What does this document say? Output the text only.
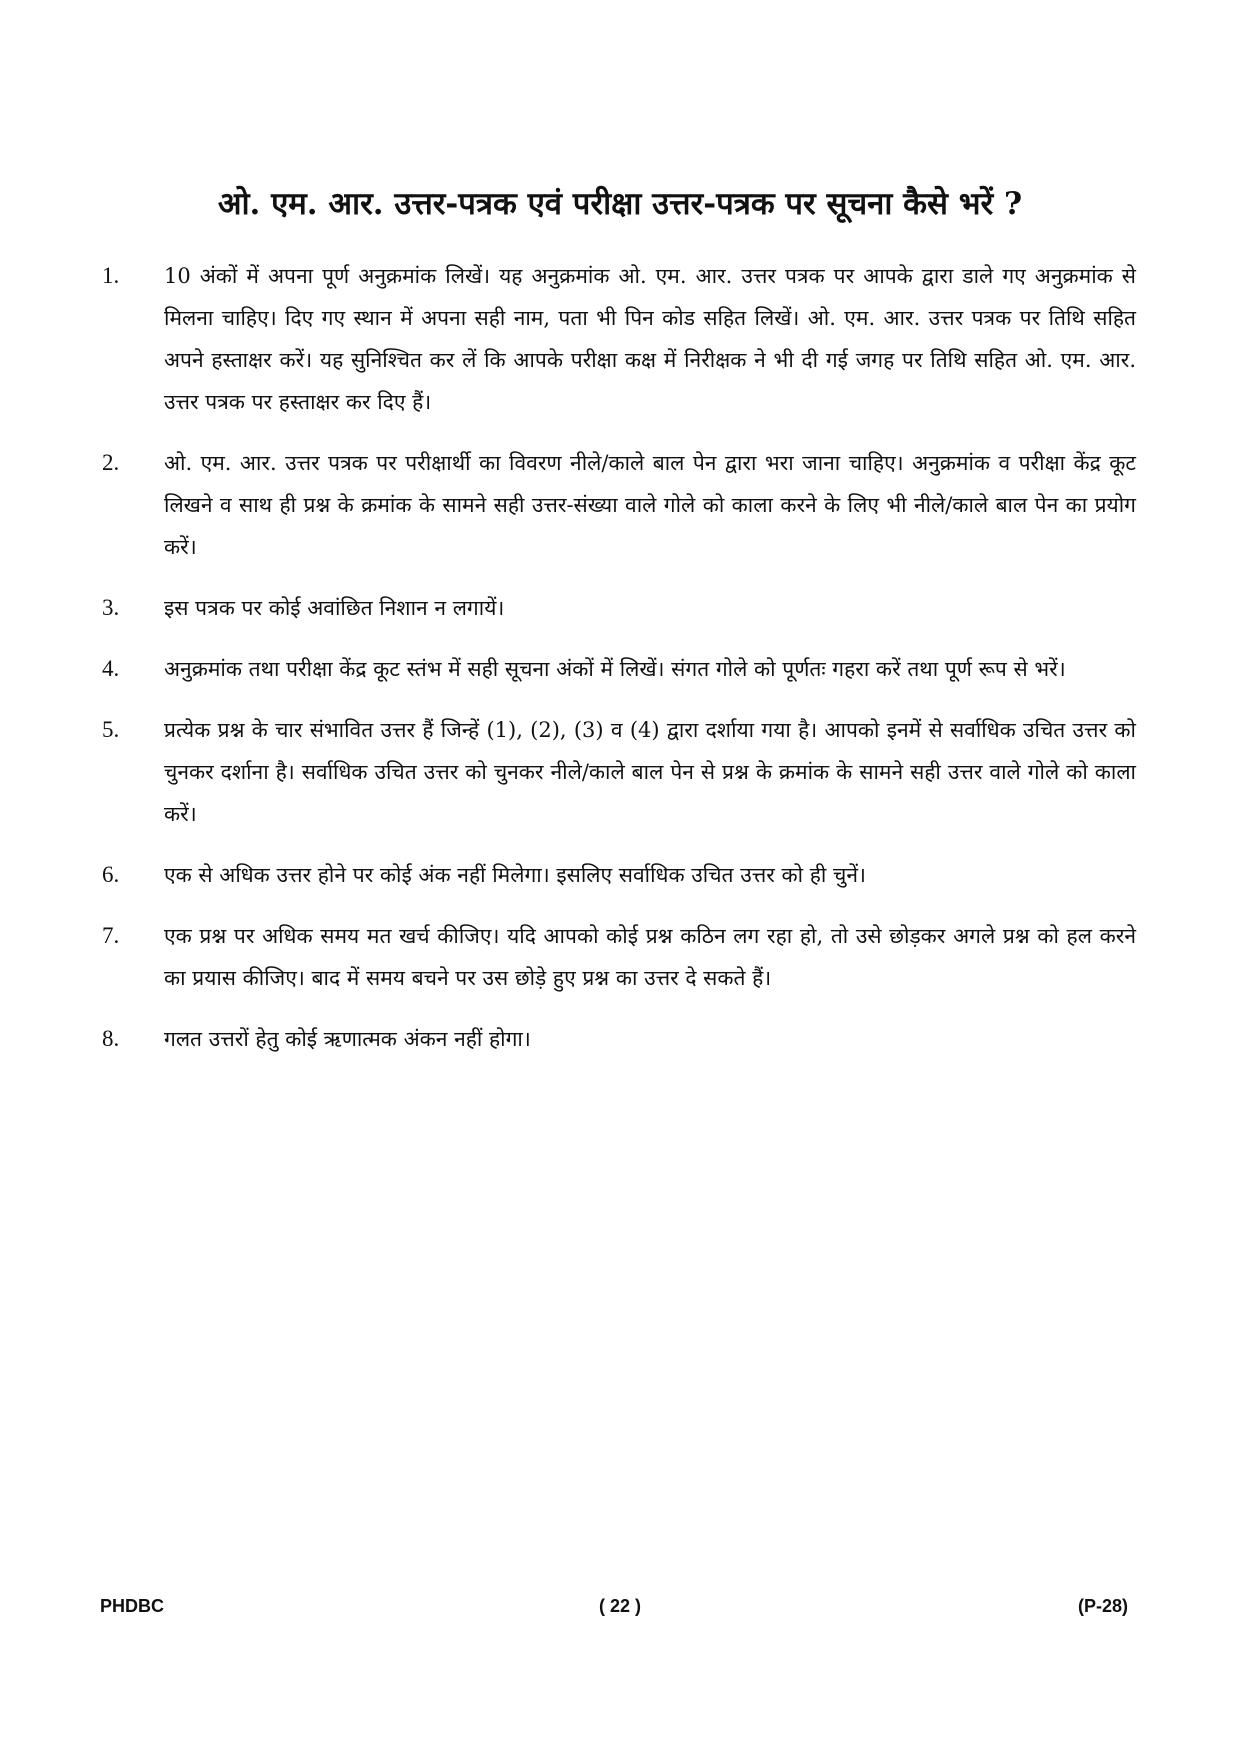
ओ. एम. आर. उत्तर-पत्रक एवं परीक्षा उत्तर-पत्रक पर सूचना कैसे भरें ?
1.	10 अंकों में अपना पूर्ण अनुक्रमांक लिखें। यह अनुक्रमांक ओ. एम. आर. उत्तर पत्रक पर आपके द्वारा डाले गए अनुक्रमांक से मिलना चाहिए। दिए गए स्थान में अपना सही नाम, पता भी पिन कोड सहित लिखें। ओ. एम. आर. उत्तर पत्रक पर तिथि सहित अपने हस्ताक्षर करें। यह सुनिश्चित कर लें कि आपके परीक्षा कक्ष में निरीक्षक ने भी दी गई जगह पर तिथि सहित ओ. एम. आर. उत्तर पत्रक पर हस्ताक्षर कर दिए हैं।
2.	ओ. एम. आर. उत्तर पत्रक पर परीक्षार्थी का विवरण नीले/काले बाल पेन द्वारा भरा जाना चाहिए। अनुक्रमांक व परीक्षा केंद्र कूट लिखने व साथ ही प्रश्न के क्रमांक के सामने सही उत्तर-संख्या वाले गोले को काला करने के लिए भी नीले/काले बाल पेन का प्रयोग करें।
3.	इस पत्रक पर कोई अवांछित निशान न लगायें।
4.	अनुक्रमांक तथा परीक्षा केंद्र कूट स्तंभ में सही सूचना अंकों में लिखें। संगत गोले को पूर्णतः गहरा करें तथा पूर्ण रूप से भरें।
5.	प्रत्येक प्रश्न के चार संभावित उत्तर हैं जिन्हें (1), (2), (3) व (4) द्वारा दर्शाया गया है। आपको इनमें से सर्वाधिक उचित उत्तर को चुनकर दर्शाना है। सर्वाधिक उचित उत्तर को चुनकर नीले/काले बाल पेन से प्रश्न के क्रमांक के सामने सही उत्तर वाले गोले को काला करें।
6.	एक से अधिक उत्तर होने पर कोई अंक नहीं मिलेगा। इसलिए सर्वाधिक उचित उत्तर को ही चुनें।
7.	एक प्रश्न पर अधिक समय मत खर्च कीजिए। यदि आपको कोई प्रश्न कठिन लग रहा हो, तो उसे छोड़कर अगले प्रश्न को हल करने का प्रयास कीजिए। बाद में समय बचने पर उस छोड़े हुए प्रश्न का उत्तर दे सकते हैं।
8.	गलत उत्तरों हेतु कोई ऋणात्मक अंकन नहीं होगा।
PHDBC	( 22 )	(P-28)
